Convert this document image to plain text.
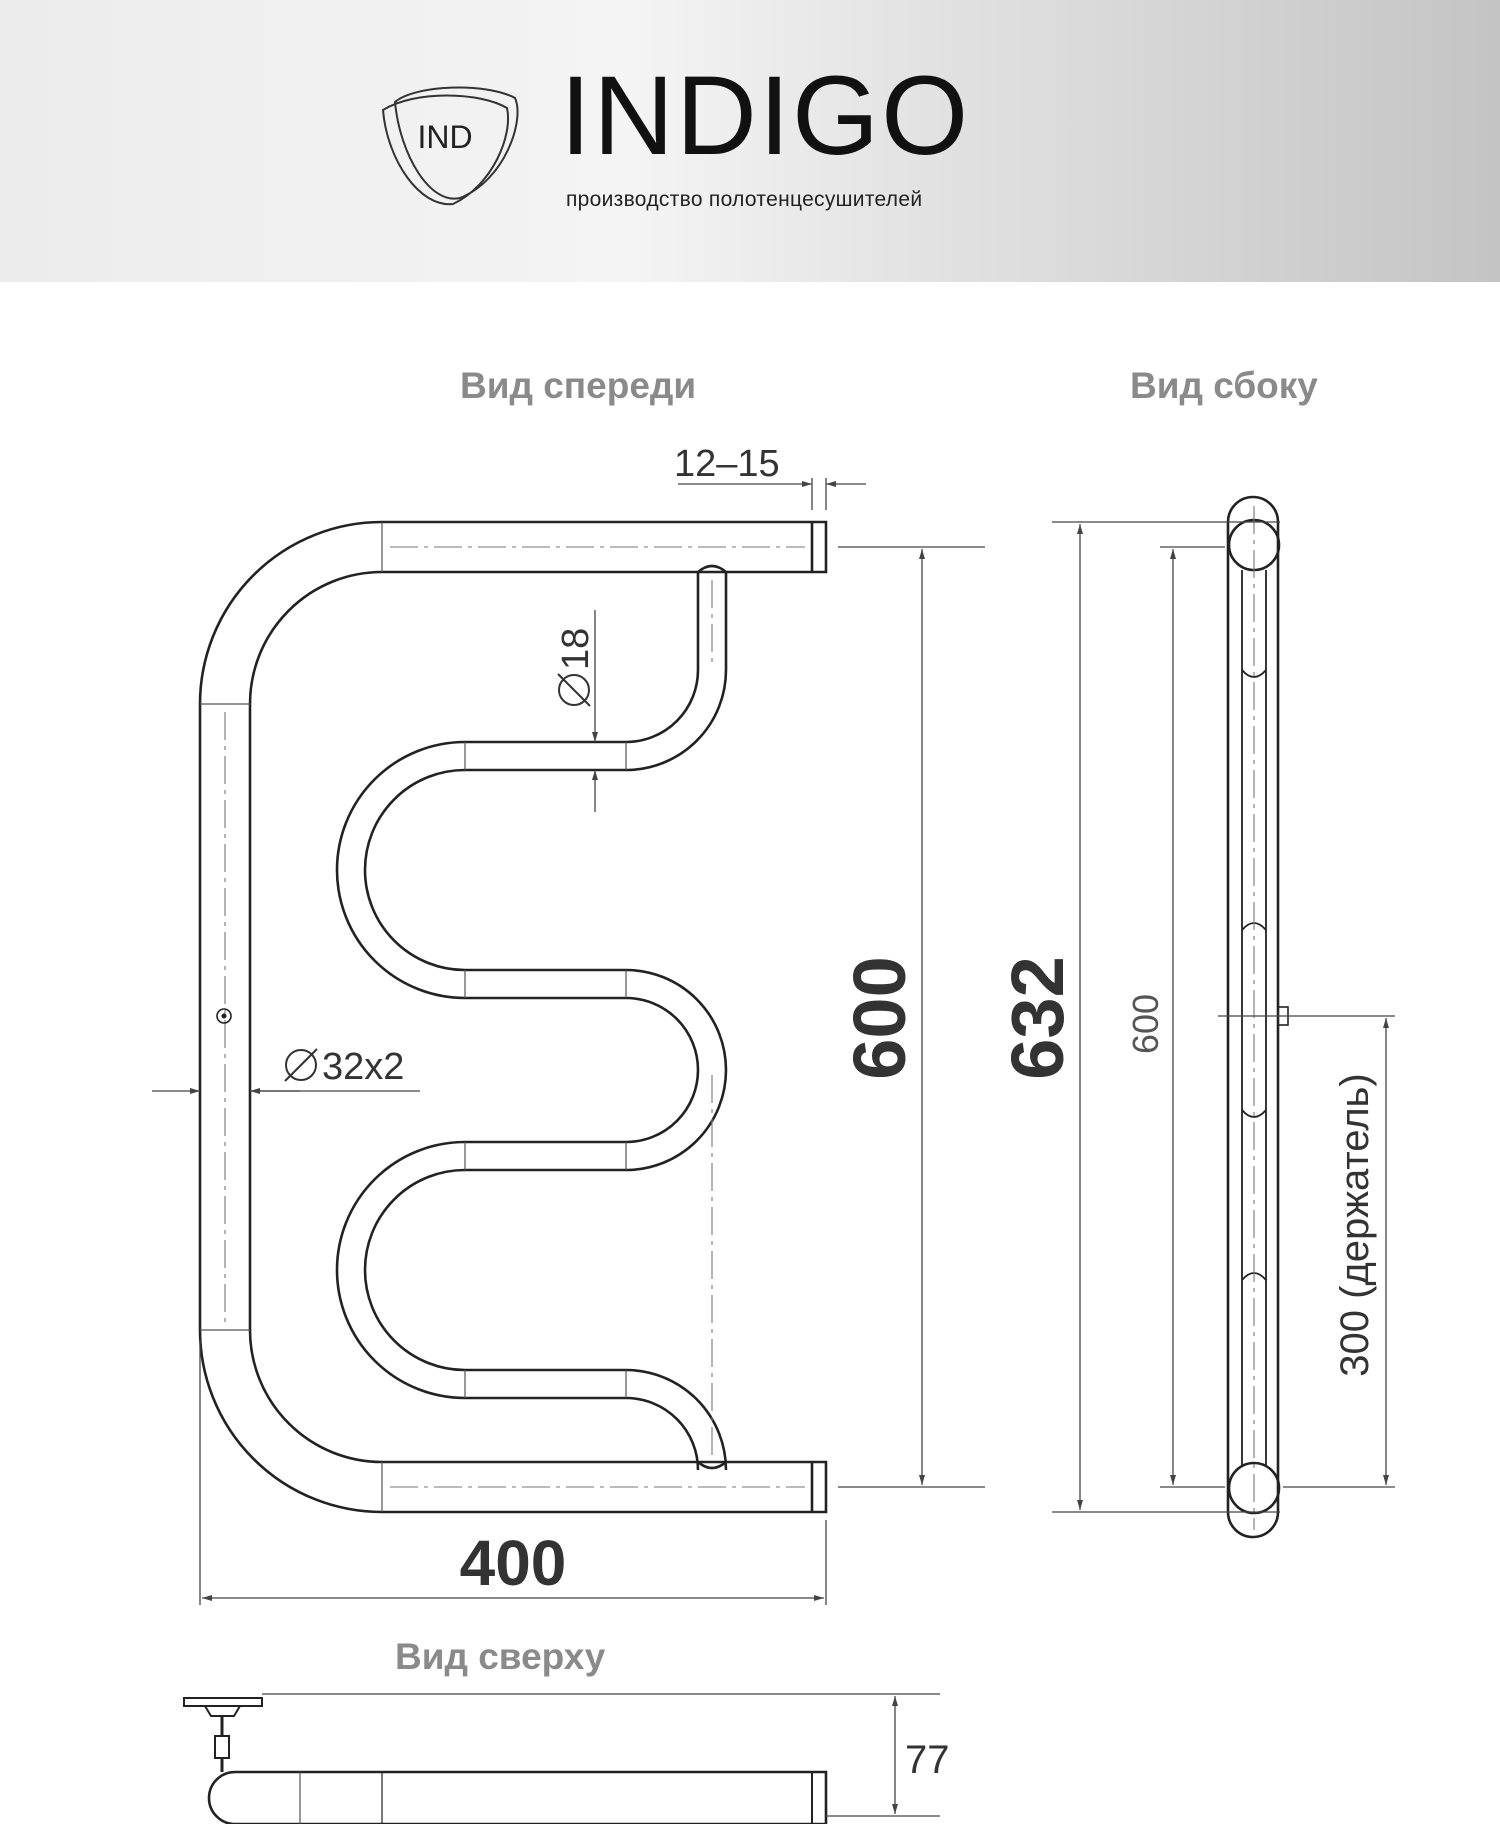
IND INDIGO
производство полотенцесушителей
Вид спереди	Вид сбоку
Вид сверху
12–15
18
32x2	600
400
632 600
300 (держатель)
77
